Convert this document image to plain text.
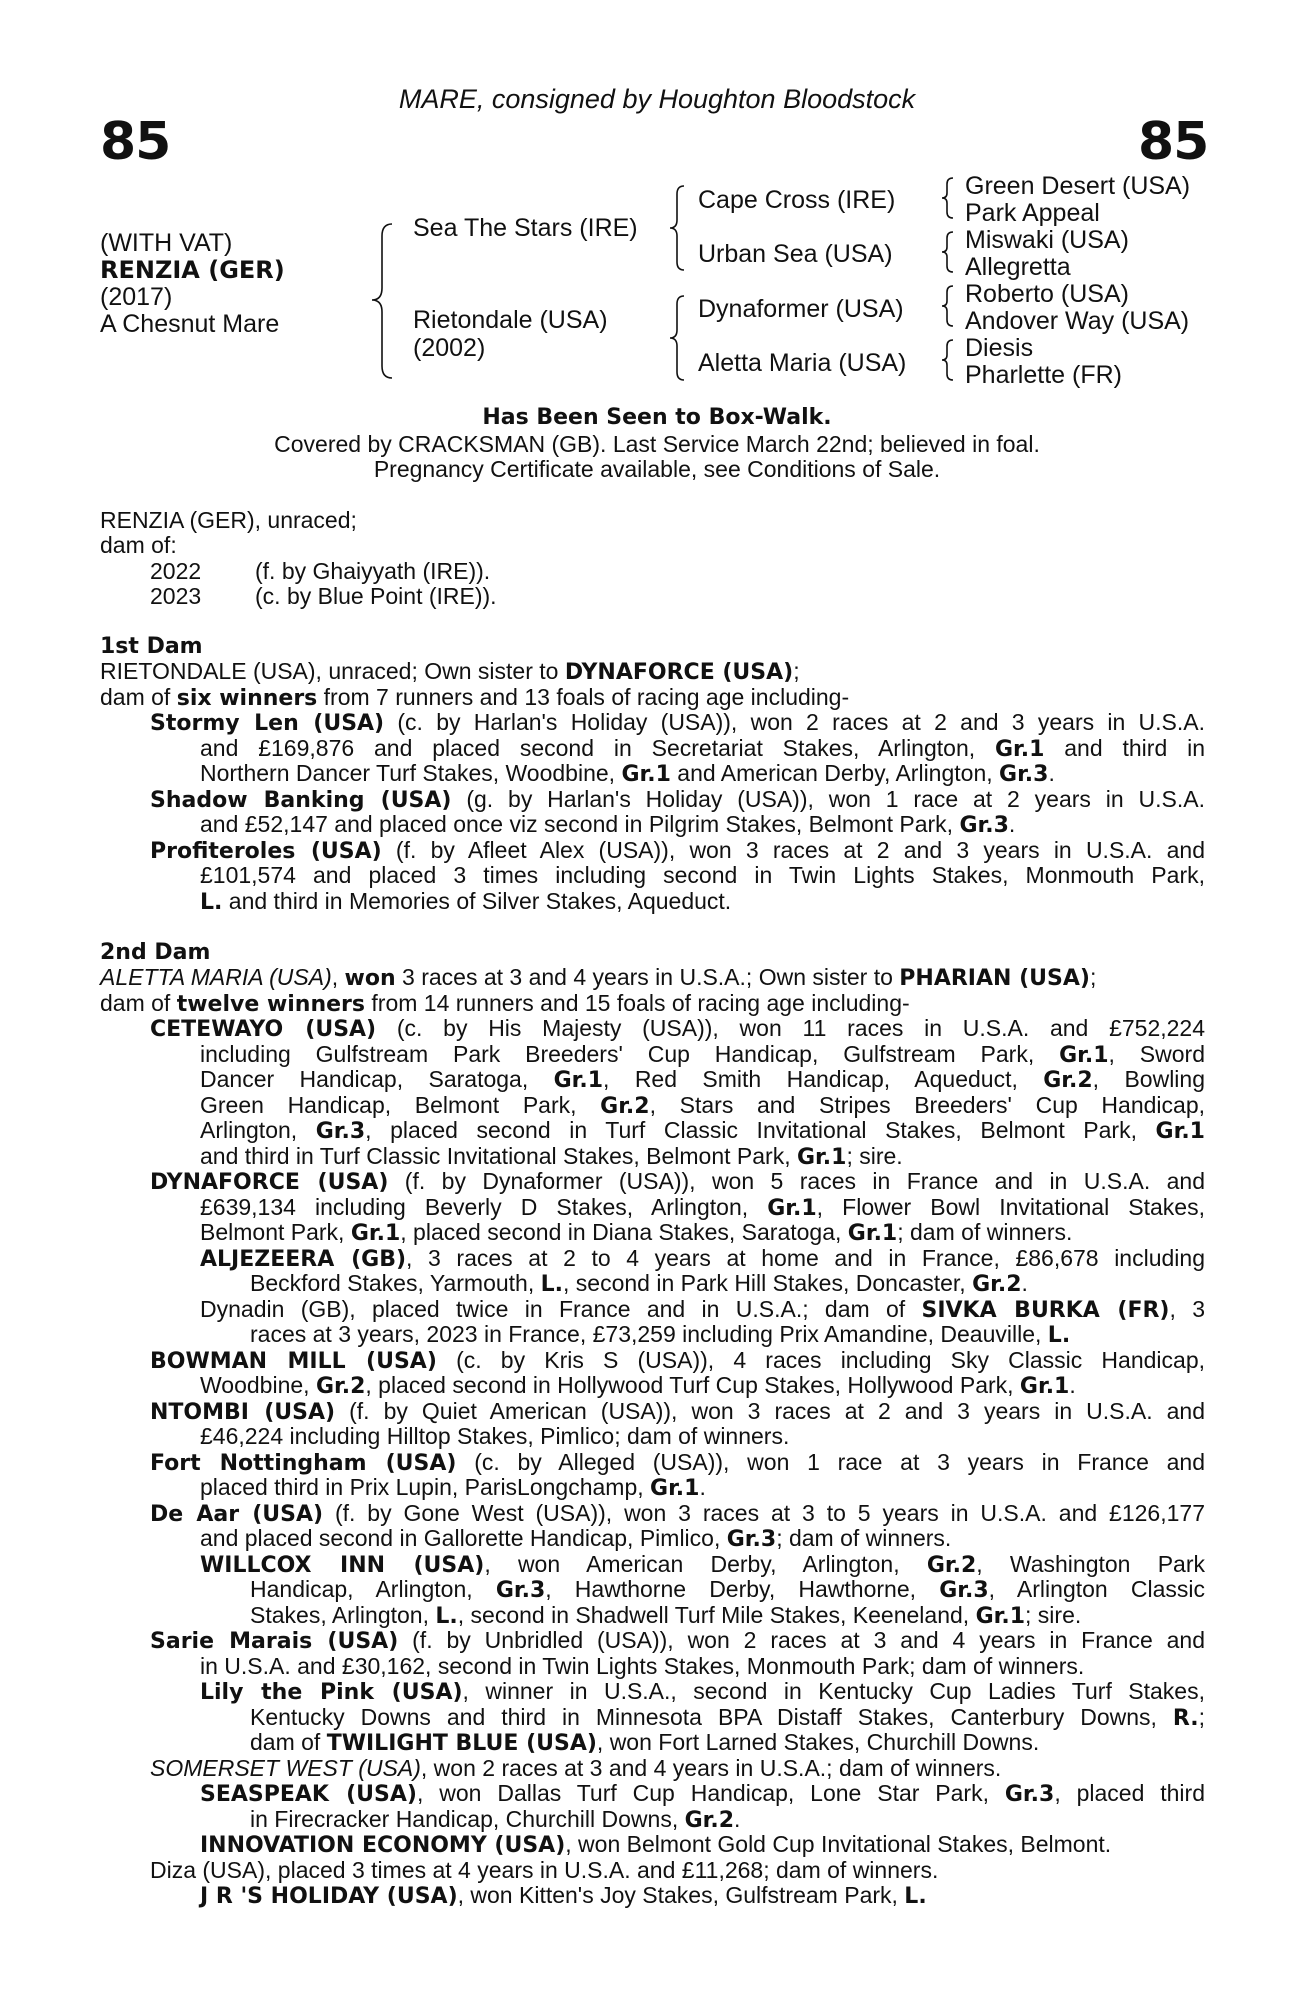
MARE, consigned by Houghton Bloodstock
85	85
(WITH VAT)
RENZIA (GER)
(2017)
A Chesnut Mare
Sea The Stars (IRE)
Rietondale (USA)
(2002)
Cape Cross (IRE)
Urban Sea (USA)
Dynaformer (USA)
Aletta Maria (USA)
Green Desert (USA)
Park Appeal
Miswaki (USA)
Allegretta
Roberto (USA)
Andover Way (USA)
Diesis
Pharlette (FR)
Has Been Seen to Box-Walk.
Covered by CRACKSMAN (GB). Last Service March 22nd; believed in foal.
Pregnancy Certificate available, see Conditions of Sale.
RENZIA (GER), unraced;
dam of:
2022 (f. by Ghaiyyath (IRE)).
2023 (c. by Blue Point (IRE)).
1st Dam
RIETONDALE (USA), unraced; Own sister to DYNAFORCE (USA);
dam of six winners from 7 runners and 13 foals of racing age including-
Stormy Len (USA) (c. by Harlan's Holiday (USA)), won 2 races at 2 and 3 years in U.S.A.
and £169,876 and placed second in Secretariat Stakes, Arlington, Gr.1 and third in
Northern Dancer Turf Stakes, Woodbine, Gr.1 and American Derby, Arlington, Gr.3.
Shadow Banking (USA) (g. by Harlan's Holiday (USA)), won 1 race at 2 years in U.S.A.
and £52,147 and placed once viz second in Pilgrim Stakes, Belmont Park, Gr.3.
Profiteroles (USA) (f. by Afleet Alex (USA)), won 3 races at 2 and 3 years in U.S.A. and
£101,574 and placed 3 times including second in Twin Lights Stakes, Monmouth Park,
L. and third in Memories of Silver Stakes, Aqueduct.
2nd Dam
ALETTA MARIA (USA), won 3 races at 3 and 4 years in U.S.A.; Own sister to PHARIAN (USA);
dam of twelve winners from 14 runners and 15 foals of racing age including-
CETEWAYO (USA) (c. by His Majesty (USA)), won 11 races in U.S.A. and £752,224
including Gulfstream Park Breeders' Cup Handicap, Gulfstream Park, Gr.1, Sword
Dancer Handicap, Saratoga, Gr.1, Red Smith Handicap, Aqueduct, Gr.2, Bowling
Green Handicap, Belmont Park, Gr.2, Stars and Stripes Breeders' Cup Handicap,
Arlington, Gr.3, placed second in Turf Classic Invitational Stakes, Belmont Park, Gr.1
and third in Turf Classic Invitational Stakes, Belmont Park, Gr.1; sire.
DYNAFORCE (USA) (f. by Dynaformer (USA)), won 5 races in France and in U.S.A. and
£639,134 including Beverly D Stakes, Arlington, Gr.1, Flower Bowl Invitational Stakes,
Belmont Park, Gr.1, placed second in Diana Stakes, Saratoga, Gr.1; dam of winners.
ALJEZEERA (GB), 3 races at 2 to 4 years at home and in France, £86,678 including
Beckford Stakes, Yarmouth, L., second in Park Hill Stakes, Doncaster, Gr.2.
Dynadin (GB), placed twice in France and in U.S.A.; dam of SIVKA BURKA (FR), 3
races at 3 years, 2023 in France, £73,259 including Prix Amandine, Deauville, L.
BOWMAN MILL (USA) (c. by Kris S (USA)), 4 races including Sky Classic Handicap,
Woodbine, Gr.2, placed second in Hollywood Turf Cup Stakes, Hollywood Park, Gr.1.
NTOMBI (USA) (f. by Quiet American (USA)), won 3 races at 2 and 3 years in U.S.A. and
£46,224 including Hilltop Stakes, Pimlico; dam of winners.
Fort Nottingham (USA) (c. by Alleged (USA)), won 1 race at 3 years in France and
placed third in Prix Lupin, ParisLongchamp, Gr.1.
De Aar (USA) (f. by Gone West (USA)), won 3 races at 3 to 5 years in U.S.A. and £126,177
and placed second in Gallorette Handicap, Pimlico, Gr.3; dam of winners.
WILLCOX INN (USA), won American Derby, Arlington, Gr.2, Washington Park
Handicap, Arlington, Gr.3, Hawthorne Derby, Hawthorne, Gr.3, Arlington Classic
Stakes, Arlington, L., second in Shadwell Turf Mile Stakes, Keeneland, Gr.1; sire.
Sarie Marais (USA) (f. by Unbridled (USA)), won 2 races at 3 and 4 years in France and
in U.S.A. and £30,162, second in Twin Lights Stakes, Monmouth Park; dam of winners.
Lily the Pink (USA), winner in U.S.A., second in Kentucky Cup Ladies Turf Stakes,
Kentucky Downs and third in Minnesota BPA Distaff Stakes, Canterbury Downs, R.;
dam of TWILIGHT BLUE (USA), won Fort Larned Stakes, Churchill Downs.
SOMERSET WEST (USA), won 2 races at 3 and 4 years in U.S.A.; dam of winners.
SEASPEAK (USA), won Dallas Turf Cup Handicap, Lone Star Park, Gr.3, placed third
in Firecracker Handicap, Churchill Downs, Gr.2.
INNOVATION ECONOMY (USA), won Belmont Gold Cup Invitational Stakes, Belmont.
Diza (USA), placed 3 times at 4 years in U.S.A. and £11,268; dam of winners.
J R 'S HOLIDAY (USA), won Kitten's Joy Stakes, Gulfstream Park, L.
